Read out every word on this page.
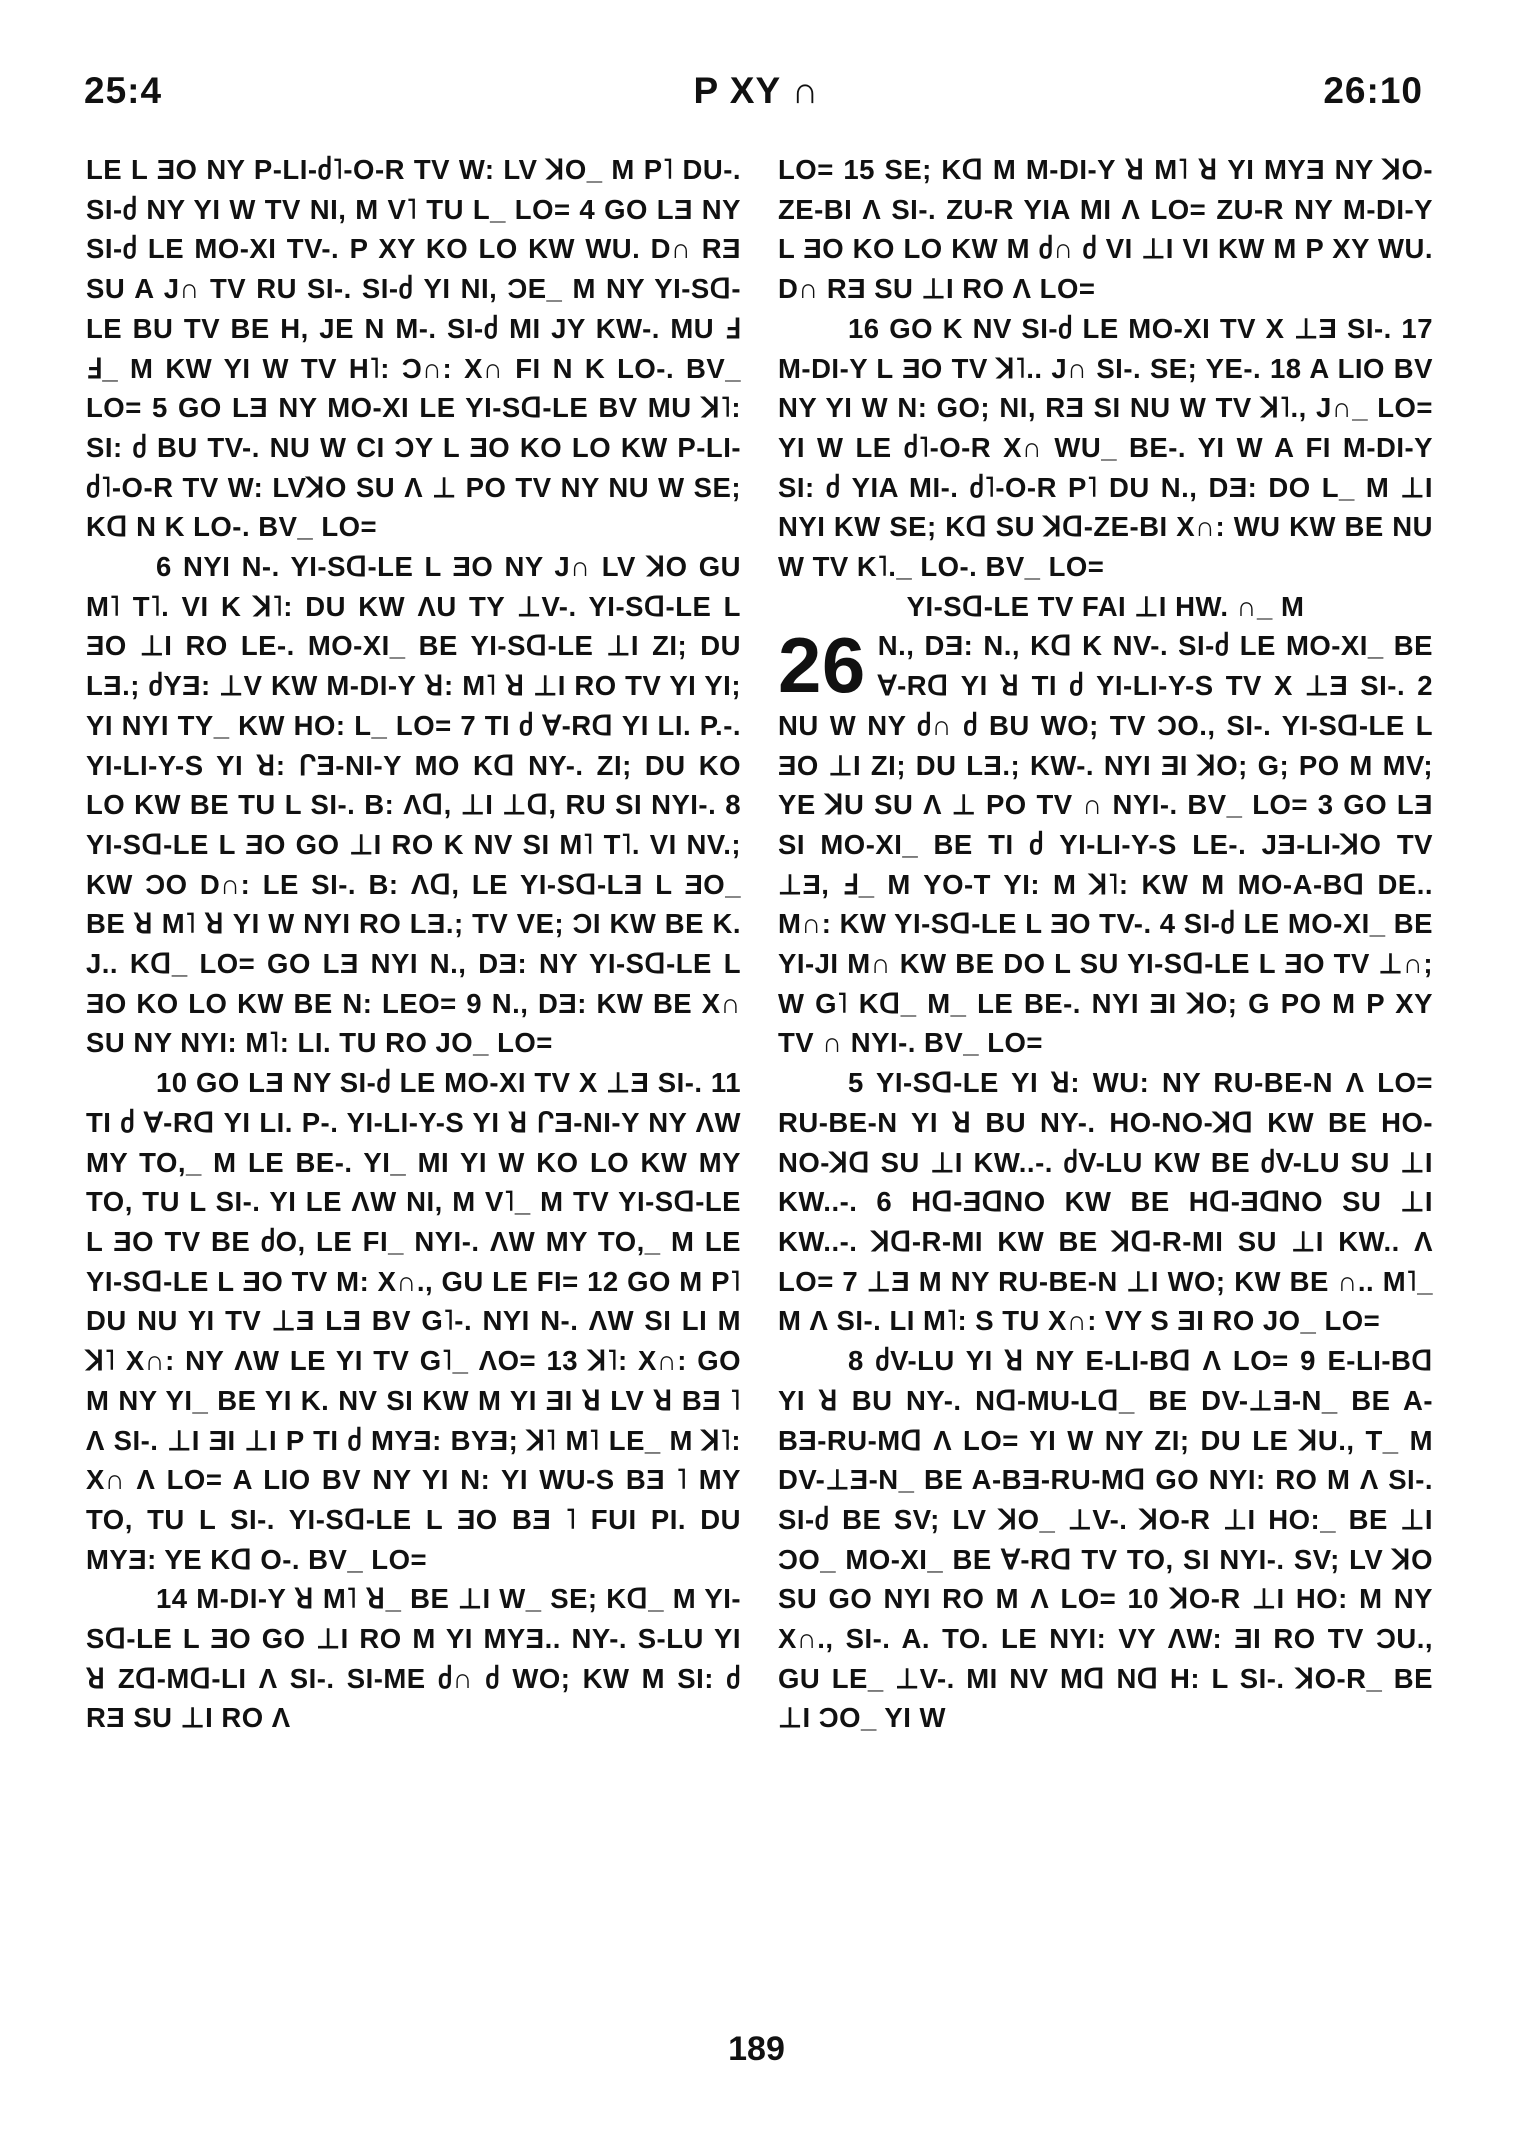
25:4	P XY ∩	26:10

LE L ƎO NY P-LI-ძ˥-O-R TV W: LV ꓘO_ M P˥ DU-. SI-ძ NY YI W TV NI, M V˥ TU L_ LO= 4 GO LƎ NY SI-ძ LE MO-XI TV-. P XY KO LO KW WU. D∩ RƎ SU A J∩ TV RU SI-. SI-ძ YI NI, ƆE_ M NY YI-Sꓷ-LE BU TV BE H, JE N M-. SI-ძ MI JY KW-. MU Ⅎ Ⅎ_ M KW YI W TV H˥: Ɔ∩: X∩ FI N K LO-. BV_ LO= 5 GO LƎ NY MO-XI LE YI-Sꓷ-LE BV MU ꓘ˥: SI: ძ BU TV-. NU W CI ƆY L ƎO KO LO KW P-LI-ძ˥-O-R TV W: LVꓘO SU Λ ⊥ PO TV NY NU W SE; Kꓷ N K LO-. BV_ LO=

6 NYI N-. YI-Sꓷ-LE L ƎO NY J∩ LV ꓘO GU M˥ T˥. VI K ꓘ˥: DU KW ΛU TY ⊥V-. YI-Sꓷ-LE L ƎO ⊥I RO LE-. MO-XI_ BE YI-Sꓷ-LE ⊥I ZI; DU LƎ.; ძYƎ: ⊥V KW M-DI-Y ꓤ: M˥ ꓤ ⊥I RO TV YI YI; YI NYI TY_ KW HO: L_ LO= 7 TI ძ ∀-Rꓷ YI LI. P.-. YI-LI-Y-S YI ꓤ: ᒋƎ-NI-Y MO Kꓷ NY-. ZI; DU KO LO KW BE TU L SI-. B: Λꓷ, ⊥I ⊥ꓷ, RU SI NYI-. 8 YI-Sꓷ-LE L ƎO GO ⊥I RO K NV SI M˥ T˥. VI NV.; KW ƆO D∩: LE SI-. B: Λꓷ, LE YI-Sꓷ-LƎ L ƎO_ BE ꓤ M˥ ꓤ YI W NYI RO LƎ.; TV VE; ƆI KW BE K. J.. Kꓷ_ LO= GO LƎ NYI N., DƎ: NY YI-Sꓷ-LE L ƎO KO LO KW BE N: LEO= 9 N., DƎ: KW BE X∩ SU NY NYI: M˥: LI. TU RO JO_ LO=

10 GO LƎ NY SI-ძ LE MO-XI TV X ⊥Ǝ SI-. 11 TI ძ ∀-Rꓷ YI LI. P-. YI-LI-Y-S YI ꓤ ᒋƎ-NI-Y NY ΛW MY TO,_ M LE BE-. YI_ MI YI W KO LO KW MY TO, TU L SI-. YI LE ΛW NI, M V˥_ M TV YI-Sꓷ-LE L ƎO TV BE ძO, LE FI_ NYI-. ΛW MY TO,_ M LE YI-Sꓷ-LE L ƎO TV M: X∩., GU LE FI= 12 GO M P˥ DU NU YI TV ⊥Ǝ LƎ BV G˥-. NYI N-. ΛW SI LI M ꓘ˥ X∩: NY ΛW LE YI TV G˥_ ΛO= 13 ꓘ˥: X∩: GO M NY YI_ BE YI K. NV SI KW M YI ƎI ꓤ LV ꓤ BƎ ˥ Λ SI-. ⊥I ƎI ⊥I P TI ძ MYƎ: BYƎ; ꓘ˥ M˥ LE_ M ꓘ˥: X∩ Λ LO= A LIO BV NY YI N: YI WU-S BƎ ˥ MY TO, TU L SI-. YI-Sꓷ-LE L ƎO BƎ ˥ FUI PI. DU MYƎ: YE Kꓷ O-. BV_ LO=

14 M-DI-Y ꓤ M˥ ꓤ_ BE ⊥I W_ SE; Kꓷ_ M YI-Sꓷ-LE L ƎO GO ⊥I RO M YI MYƎ.. NY-. S-LU YI ꓤ Zꓷ-Mꓷ-LI Λ SI-. SI-ME ძ∩ ძ WO; KW M SI: ძ RƎ SU ⊥I RO Λ

LO= 15 SE; Kꓷ M M-DI-Y ꓤ M˥ ꓤ YI MYƎ NY ꓘO-ZE-BI Λ SI-. ZU-R YIA MI Λ LO= ZU-R NY M-DI-Y L ƎO KO LO KW M ძ∩ ძ VI ⊥I VI KW M P XY WU. D∩ RƎ SU ⊥I RO Λ LO=

16 GO K NV SI-ძ LE MO-XI TV X ⊥Ǝ SI-. 17 M-DI-Y L ƎO TV ꓘ˥.. J∩ SI-. SE; YE-. 18 A LIO BV NY YI W N: GO; NI, RƎ SI NU W TV ꓘ˥., J∩_ LO= YI W LE ძ˥-O-R X∩ WU_ BE-. YI W A FI M-DI-Y SI: ძ YIA MI-. ძ˥-O-R P˥ DU N., DƎ: DO L_ M ⊥I NYI KW SE; Kꓷ SU ꓘꓷ-ZE-BI X∩: WU KW BE NU W TV K˥._ LO-. BV_ LO=

YI-Sꓷ-LE TV FAI ⊥I HW. ∩_ M

26 N., DƎ: N., Kꓷ K NV-. SI-ძ LE MO-XI_ BE ∀-Rꓷ YI ꓤ TI ძ YI-LI-Y-S TV X ⊥Ǝ SI-. 2 NU W NY ძ∩ ძ BU WO; TV ƆO., SI-. YI-Sꓷ-LE L ƎO ⊥I ZI; DU LƎ.; KW-. NYI ƎI ꓘO; G; PO M MV; YE ꓘU SU Λ ⊥ PO TV ∩ NYI-. BV_ LO= 3 GO LƎ SI MO-XI_ BE TI ძ YI-LI-Y-S LE-. JƎ-LI-ꓘO TV ⊥Ǝ, Ⅎ_ M YO-T YI: M ꓘ˥: KW M MO-A-Bꓷ DE.. M∩: KW YI-Sꓷ-LE L ƎO TV-. 4 SI-ძ LE MO-XI_ BE YI-JI M∩ KW BE DO L SU YI-Sꓷ-LE L ƎO TV ⊥∩; W G˥ Kꓷ_ M_ LE BE-. NYI ƎI ꓘO; G PO M P XY TV ∩ NYI-. BV_ LO=

5 YI-Sꓷ-LE YI ꓤ: WU: NY RU-BE-N Λ LO= RU-BE-N YI ꓤ BU NY-. HO-NO-ꓘꓷ KW BE HO-NO-ꓘꓷ SU ⊥I KW..-. ძV-LU KW BE ძV-LU SU ⊥I KW..-. 6 Hꓷ-ƎꓷNO KW BE Hꓷ-ƎꓷNO SU ⊥I KW..-. ꓘꓷ-R-MI KW BE ꓘꓷ-R-MI SU ⊥I KW.. Λ LO= 7 ⊥Ǝ M NY RU-BE-N ⊥I WO; KW BE ∩.. M˥_ M Λ SI-. LI M˥: S TU X∩: VY S ƎI RO JO_ LO=

8 ძV-LU YI ꓤ NY E-LI-Bꓷ Λ LO= 9 E-LI-Bꓷ YI ꓤ BU NY-. Nꓷ-MU-Lꓷ_ BE DV-⊥Ǝ-N_ BE A-BƎ-RU-Mꓷ Λ LO= YI W NY ZI; DU LE ꓘU., T_ M DV-⊥Ǝ-N_ BE A-BƎ-RU-Mꓷ GO NYI: RO M Λ SI-. SI-ძ BE SV; LV ꓘO_ ⊥V-. ꓘO-R ⊥I HO:_ BE ⊥I ƆO_ MO-XI_ BE ∀-Rꓷ TV TO, SI NYI-. SV; LV ꓘO SU GO NYI RO M Λ LO= 10 ꓘO-R ⊥I HO: M NY X∩., SI-. A. TO. LE NYI: VY ΛW: ƎI RO TV ƆU., GU LE_ ⊥V-. MI NV Mꓷ Nꓷ H: L SI-. ꓘO-R_ BE ⊥I ƆO_ YI W

189
